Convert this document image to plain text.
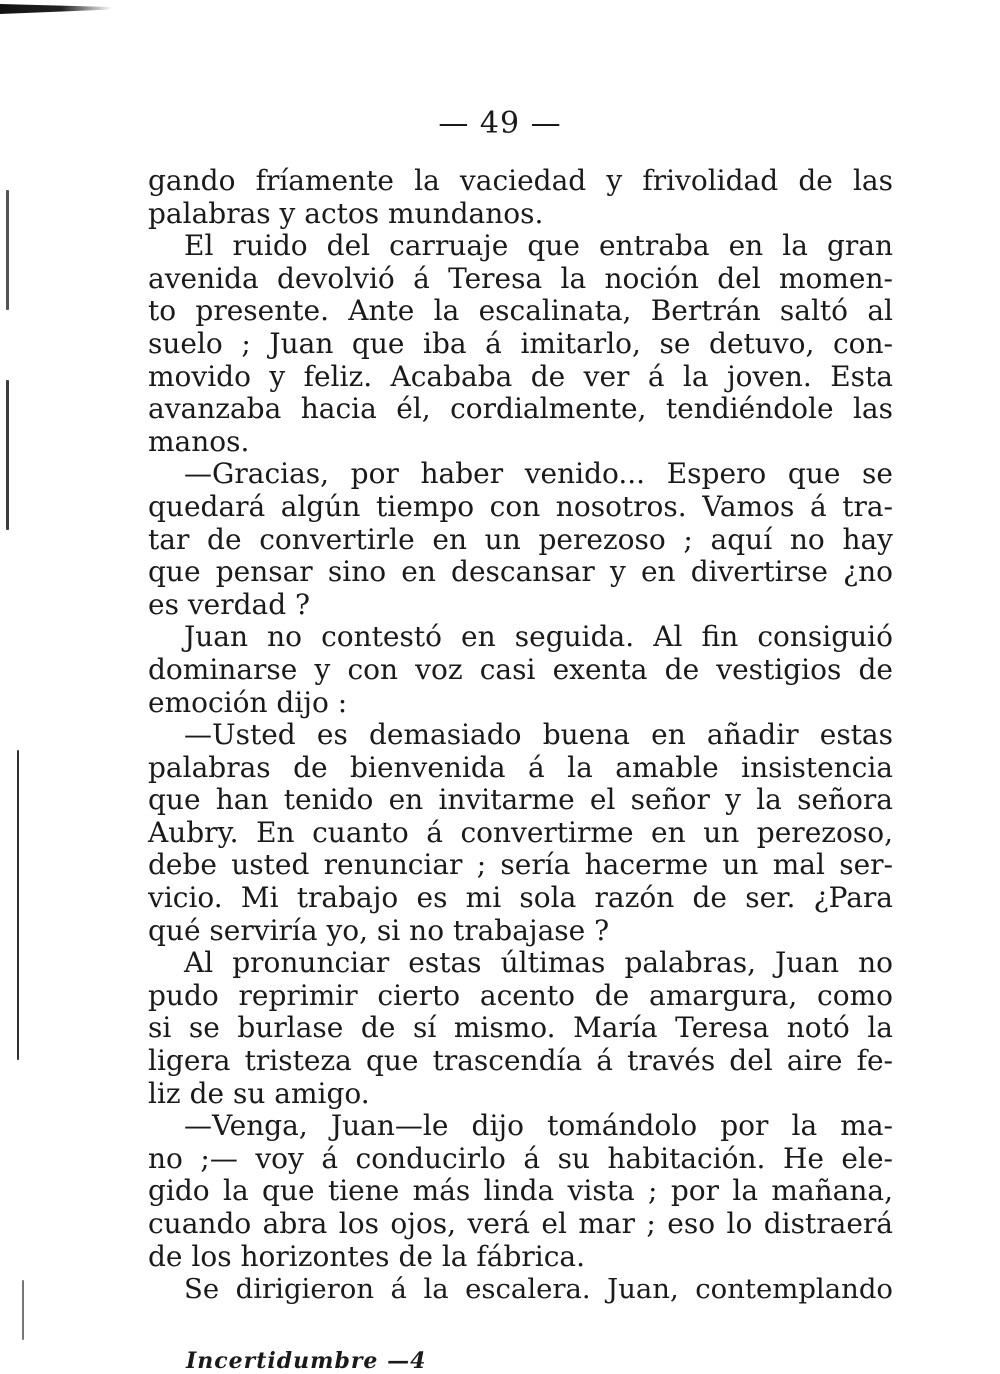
— 49 —
gando fríamente la vaciedad y frivolidad de las
palabras y actos mundanos.
El ruido del carruaje que entraba en la gran
avenida devolvió á Teresa la noción del momen-
to presente. Ante la escalinata, Bertrán saltó al
suelo ; Juan que iba á imitarlo, se detuvo, con-
movido y feliz. Acababa de ver á la joven. Esta
avanzaba hacia él, cordialmente, tendiéndole las
manos.
—Gracias, por haber venido... Espero que se
quedará algún tiempo con nosotros. Vamos á tra-
tar de convertirle en un perezoso ; aquí no hay
que pensar sino en descansar y en divertirse ¿no
es verdad ?
Juan no contestó en seguida. Al fin consiguió
dominarse y con voz casi exenta de vestigios de
emoción dijo :
—Usted es demasiado buena en añadir estas
palabras de bienvenida á la amable insistencia
que han tenido en invitarme el señor y la señora
Aubry. En cuanto á convertirme en un perezoso,
debe usted renunciar ; sería hacerme un mal ser-
vicio. Mi trabajo es mi sola razón de ser. ¿Para
qué serviría yo, si no trabajase ?
Al pronunciar estas últimas palabras, Juan no
pudo reprimir cierto acento de amargura, como
si se burlase de sí mismo. María Teresa notó la
ligera tristeza que trascendía á través del aire fe-
liz de su amigo.
—Venga, Juan—le dijo tomándolo por la ma-
no ;— voy á conducirlo á su habitación. He ele-
gido la que tiene más linda vista ; por la mañana,
cuando abra los ojos, verá el mar ; eso lo distraerá
de los horizontes de la fábrica.
Se dirigieron á la escalera. Juan, contemplando
Incertidumbre —4
